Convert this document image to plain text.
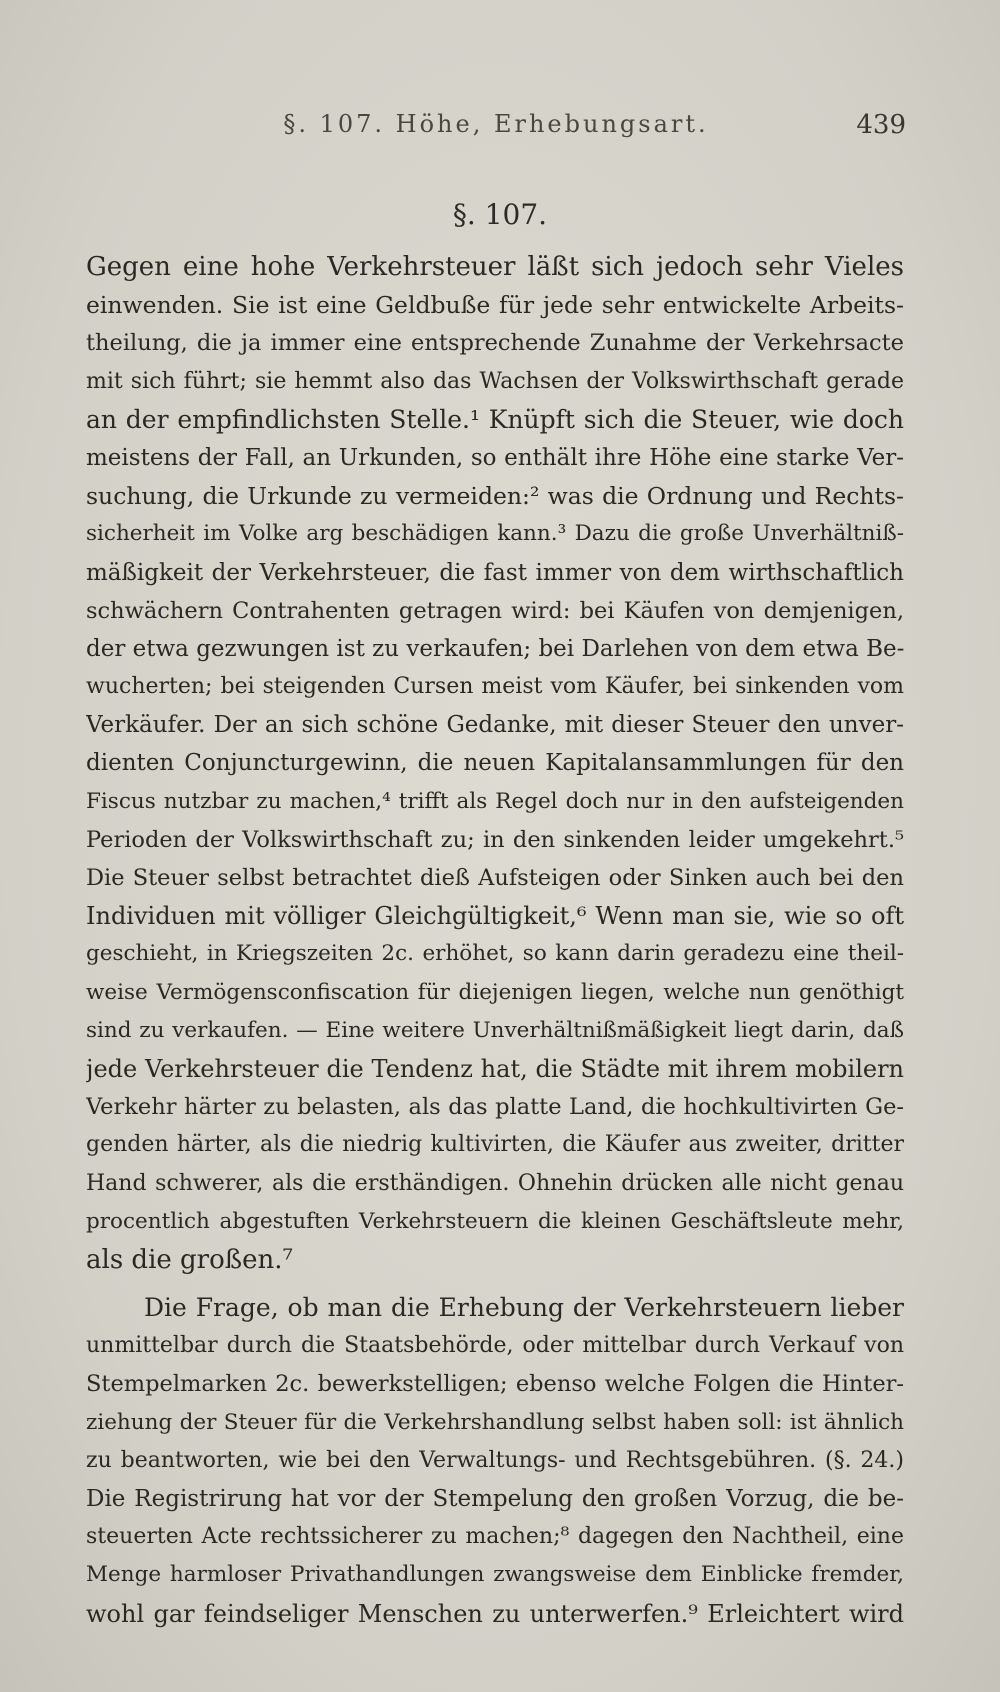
§. 107. Höhe, Erhebungsart.	439
§. 107.
Gegen eine hohe Verkehrsteuer läßt sich jedoch sehr Vieles
einwenden. Sie ist eine Geldbuße für jede sehr entwickelte Arbeits-
theilung, die ja immer eine entsprechende Zunahme der Verkehrsacte
mit sich führt; sie hemmt also das Wachsen der Volkswirthschaft gerade
an der empfindlichsten Stelle.¹ Knüpft sich die Steuer, wie doch
meistens der Fall, an Urkunden, so enthält ihre Höhe eine starke Ver-
suchung, die Urkunde zu vermeiden:² was die Ordnung und Rechts-
sicherheit im Volke arg beschädigen kann.³ Dazu die große Unverhältniß-
mäßigkeit der Verkehrsteuer, die fast immer von dem wirthschaftlich
schwächern Contrahenten getragen wird: bei Käufen von demjenigen,
der etwa gezwungen ist zu verkaufen; bei Darlehen von dem etwa Be-
wucherten; bei steigenden Cursen meist vom Käufer, bei sinkenden vom
Verkäufer. Der an sich schöne Gedanke, mit dieser Steuer den unver-
dienten Conjuncturgewinn, die neuen Kapitalansammlungen für den
Fiscus nutzbar zu machen,⁴ trifft als Regel doch nur in den aufsteigenden
Perioden der Volkswirthschaft zu; in den sinkenden leider umgekehrt.⁵
Die Steuer selbst betrachtet dieß Aufsteigen oder Sinken auch bei den
Individuen mit völliger Gleichgültigkeit,⁶ Wenn man sie, wie so oft
geschieht, in Kriegszeiten 2c. erhöhet, so kann darin geradezu eine theil-
weise Vermögensconfiscation für diejenigen liegen, welche nun genöthigt
sind zu verkaufen. — Eine weitere Unverhältnißmäßigkeit liegt darin, daß
jede Verkehrsteuer die Tendenz hat, die Städte mit ihrem mobilern
Verkehr härter zu belasten, als das platte Land, die hochkultivirten Ge-
genden härter, als die niedrig kultivirten, die Käufer aus zweiter, dritter
Hand schwerer, als die ersthändigen. Ohnehin drücken alle nicht genau
procentlich abgestuften Verkehrsteuern die kleinen Geschäftsleute mehr,
als die großen.⁷
Die Frage, ob man die Erhebung der Verkehrsteuern lieber
unmittelbar durch die Staatsbehörde, oder mittelbar durch Verkauf von
Stempelmarken 2c. bewerkstelligen; ebenso welche Folgen die Hinter-
ziehung der Steuer für die Verkehrshandlung selbst haben soll: ist ähnlich
zu beantworten, wie bei den Verwaltungs- und Rechtsgebühren. (§. 24.)
Die Registrirung hat vor der Stempelung den großen Vorzug, die be-
steuerten Acte rechtssicherer zu machen;⁸ dagegen den Nachtheil, eine
Menge harmloser Privathandlungen zwangsweise dem Einblicke fremder,
wohl gar feindseliger Menschen zu unterwerfen.⁹ Erleichtert wird
